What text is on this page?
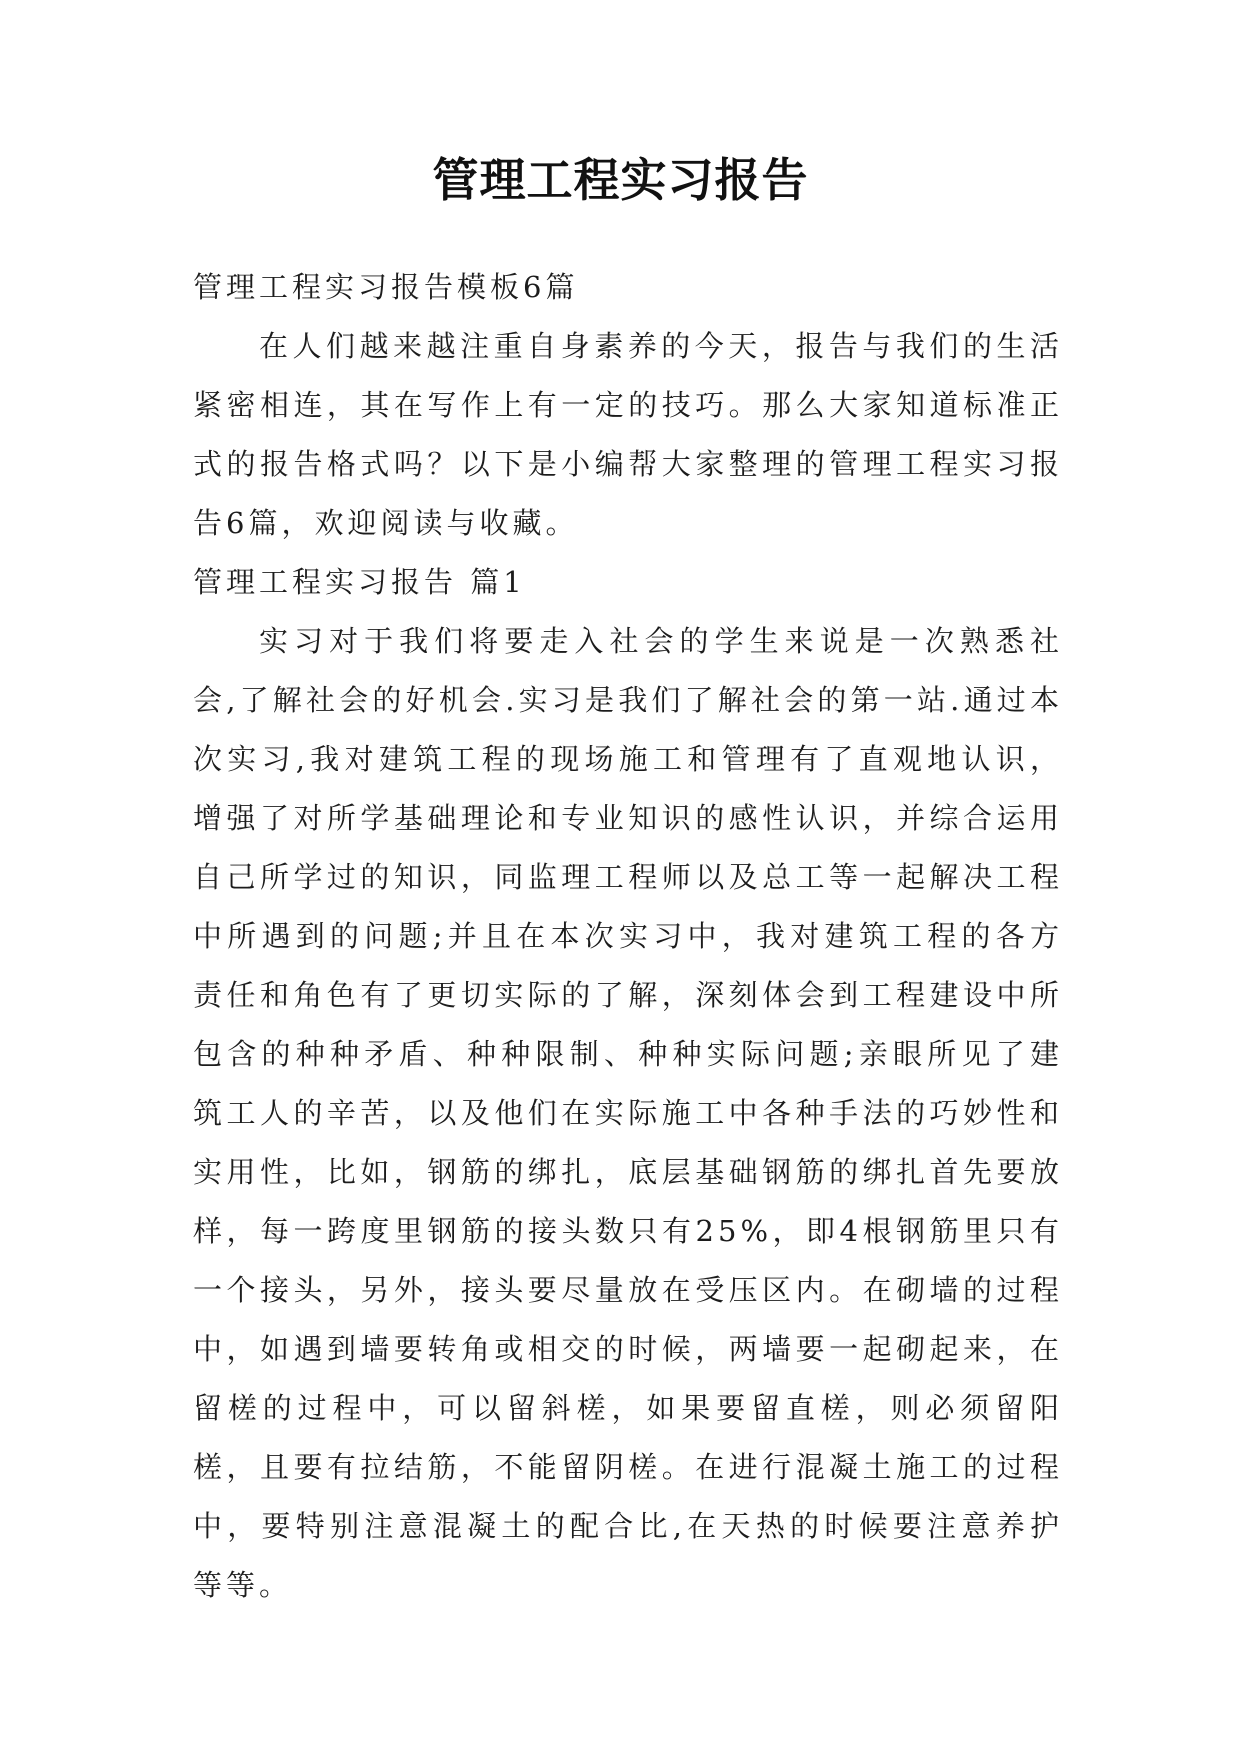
管理工程实习报告

管理工程实习报告模板6篇

在人们越来越注重自身素养的今天，报告与我们的生活紧密相连，其在写作上有一定的技巧。那么大家知道标准正式的报告格式吗？以下是小编帮大家整理的管理工程实习报告6篇，欢迎阅读与收藏。

管理工程实习报告 篇1

实习对于我们将要走入社会的学生来说是一次熟悉社会,了解社会的好机会.实习是我们了解社会的第一站.通过本次实习,我对建筑工程的现场施工和管理有了直观地认识，增强了对所学基础理论和专业知识的感性认识，并综合运用自己所学过的知识，同监理工程师以及总工等一起解决工程中所遇到的问题;并且在本次实习中，我对建筑工程的各方责任和角色有了更切实际的了解，深刻体会到工程建设中所包含的种种矛盾、种种限制、种种实际问题;亲眼所见了建筑工人的辛苦，以及他们在实际施工中各种手法的巧妙性和实用性，比如，钢筋的绑扎，底层基础钢筋的绑扎首先要放样，每一跨度里钢筋的接头数只有25%，即4根钢筋里只有一个接头，另外，接头要尽量放在受压区内。在砌墙的过程中，如遇到墙要转角或相交的时候，两墙要一起砌起来，在留槎的过程中，可以留斜槎，如果要留直槎，则必须留阳槎，且要有拉结筋，不能留阴槎。在进行混凝土施工的过程中，要特别注意混凝土的配合比,在天热的时候要注意养护等等。
